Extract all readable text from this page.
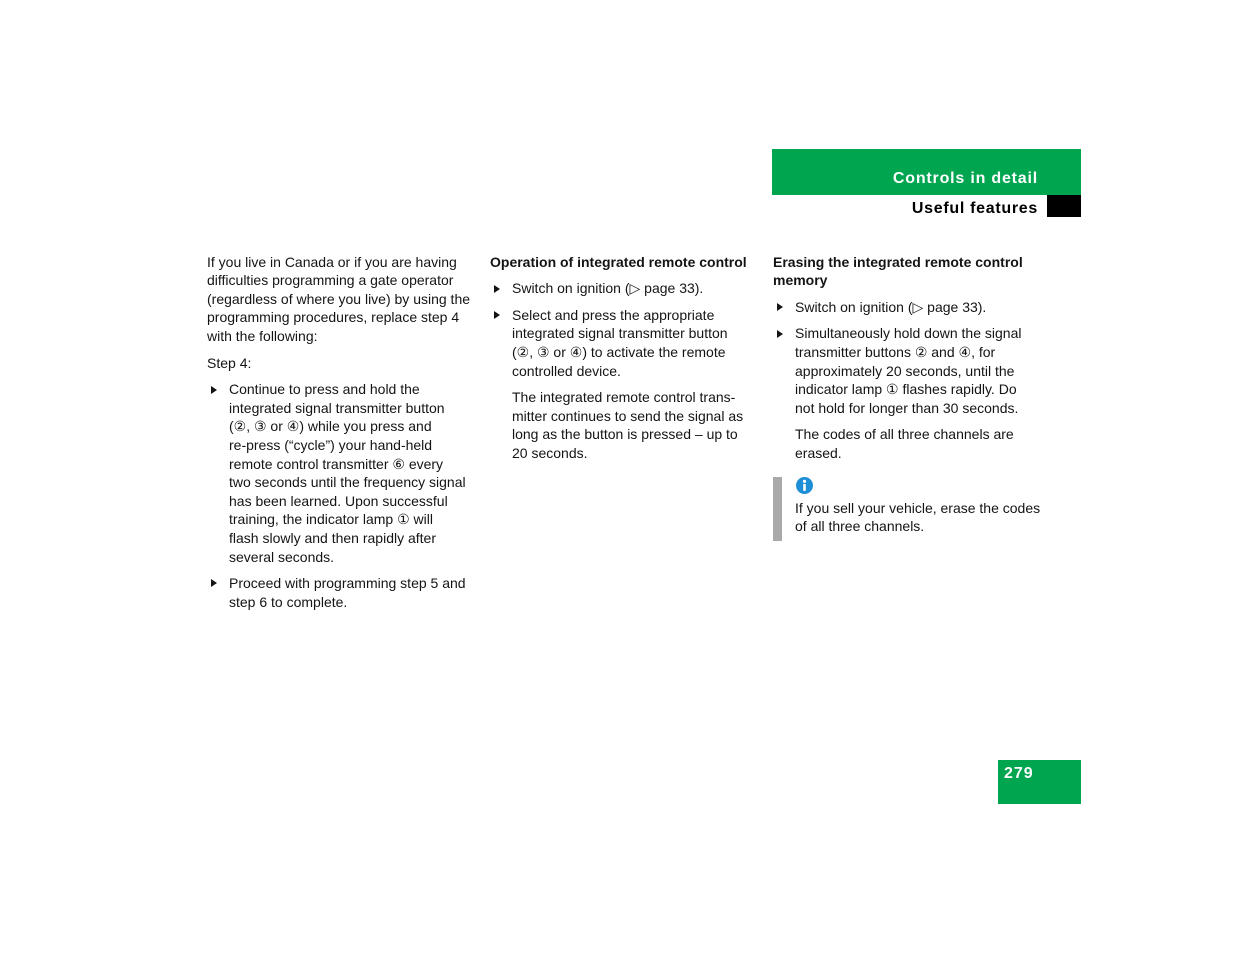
Controls in detail
Useful features
If you live in Canada or if you are having
difficulties programming a gate operator
(regardless of where you live) by using the
programming procedures, replace step 4
with the following:
Step 4:
Continue to press and hold the
integrated signal transmitter button
(②, ③ or ④) while you press and
re-press (“cycle”) your hand-held
remote control transmitter ⑥ every
two seconds until the frequency signal
has been learned. Upon successful
training, the indicator lamp ① will
flash slowly and then rapidly after
several seconds.
Proceed with programming step 5 and
step 6 to complete.
Operation of integrated remote control
Switch on ignition (▷ page 33).
Select and press the appropriate
integrated signal transmitter button
(②, ③ or ④) to activate the remote
controlled device.
The integrated remote control trans-
mitter continues to send the signal as
long as the button is pressed – up to
20 seconds.
Erasing the integrated remote control
memory
Switch on ignition (▷ page 33).
Simultaneously hold down the signal
transmitter buttons ② and ④, for
approximately 20 seconds, until the
indicator lamp ① flashes rapidly. Do
not hold for longer than 30 seconds.
The codes of all three channels are
erased.
If you sell your vehicle, erase the codes
of all three channels.
279
